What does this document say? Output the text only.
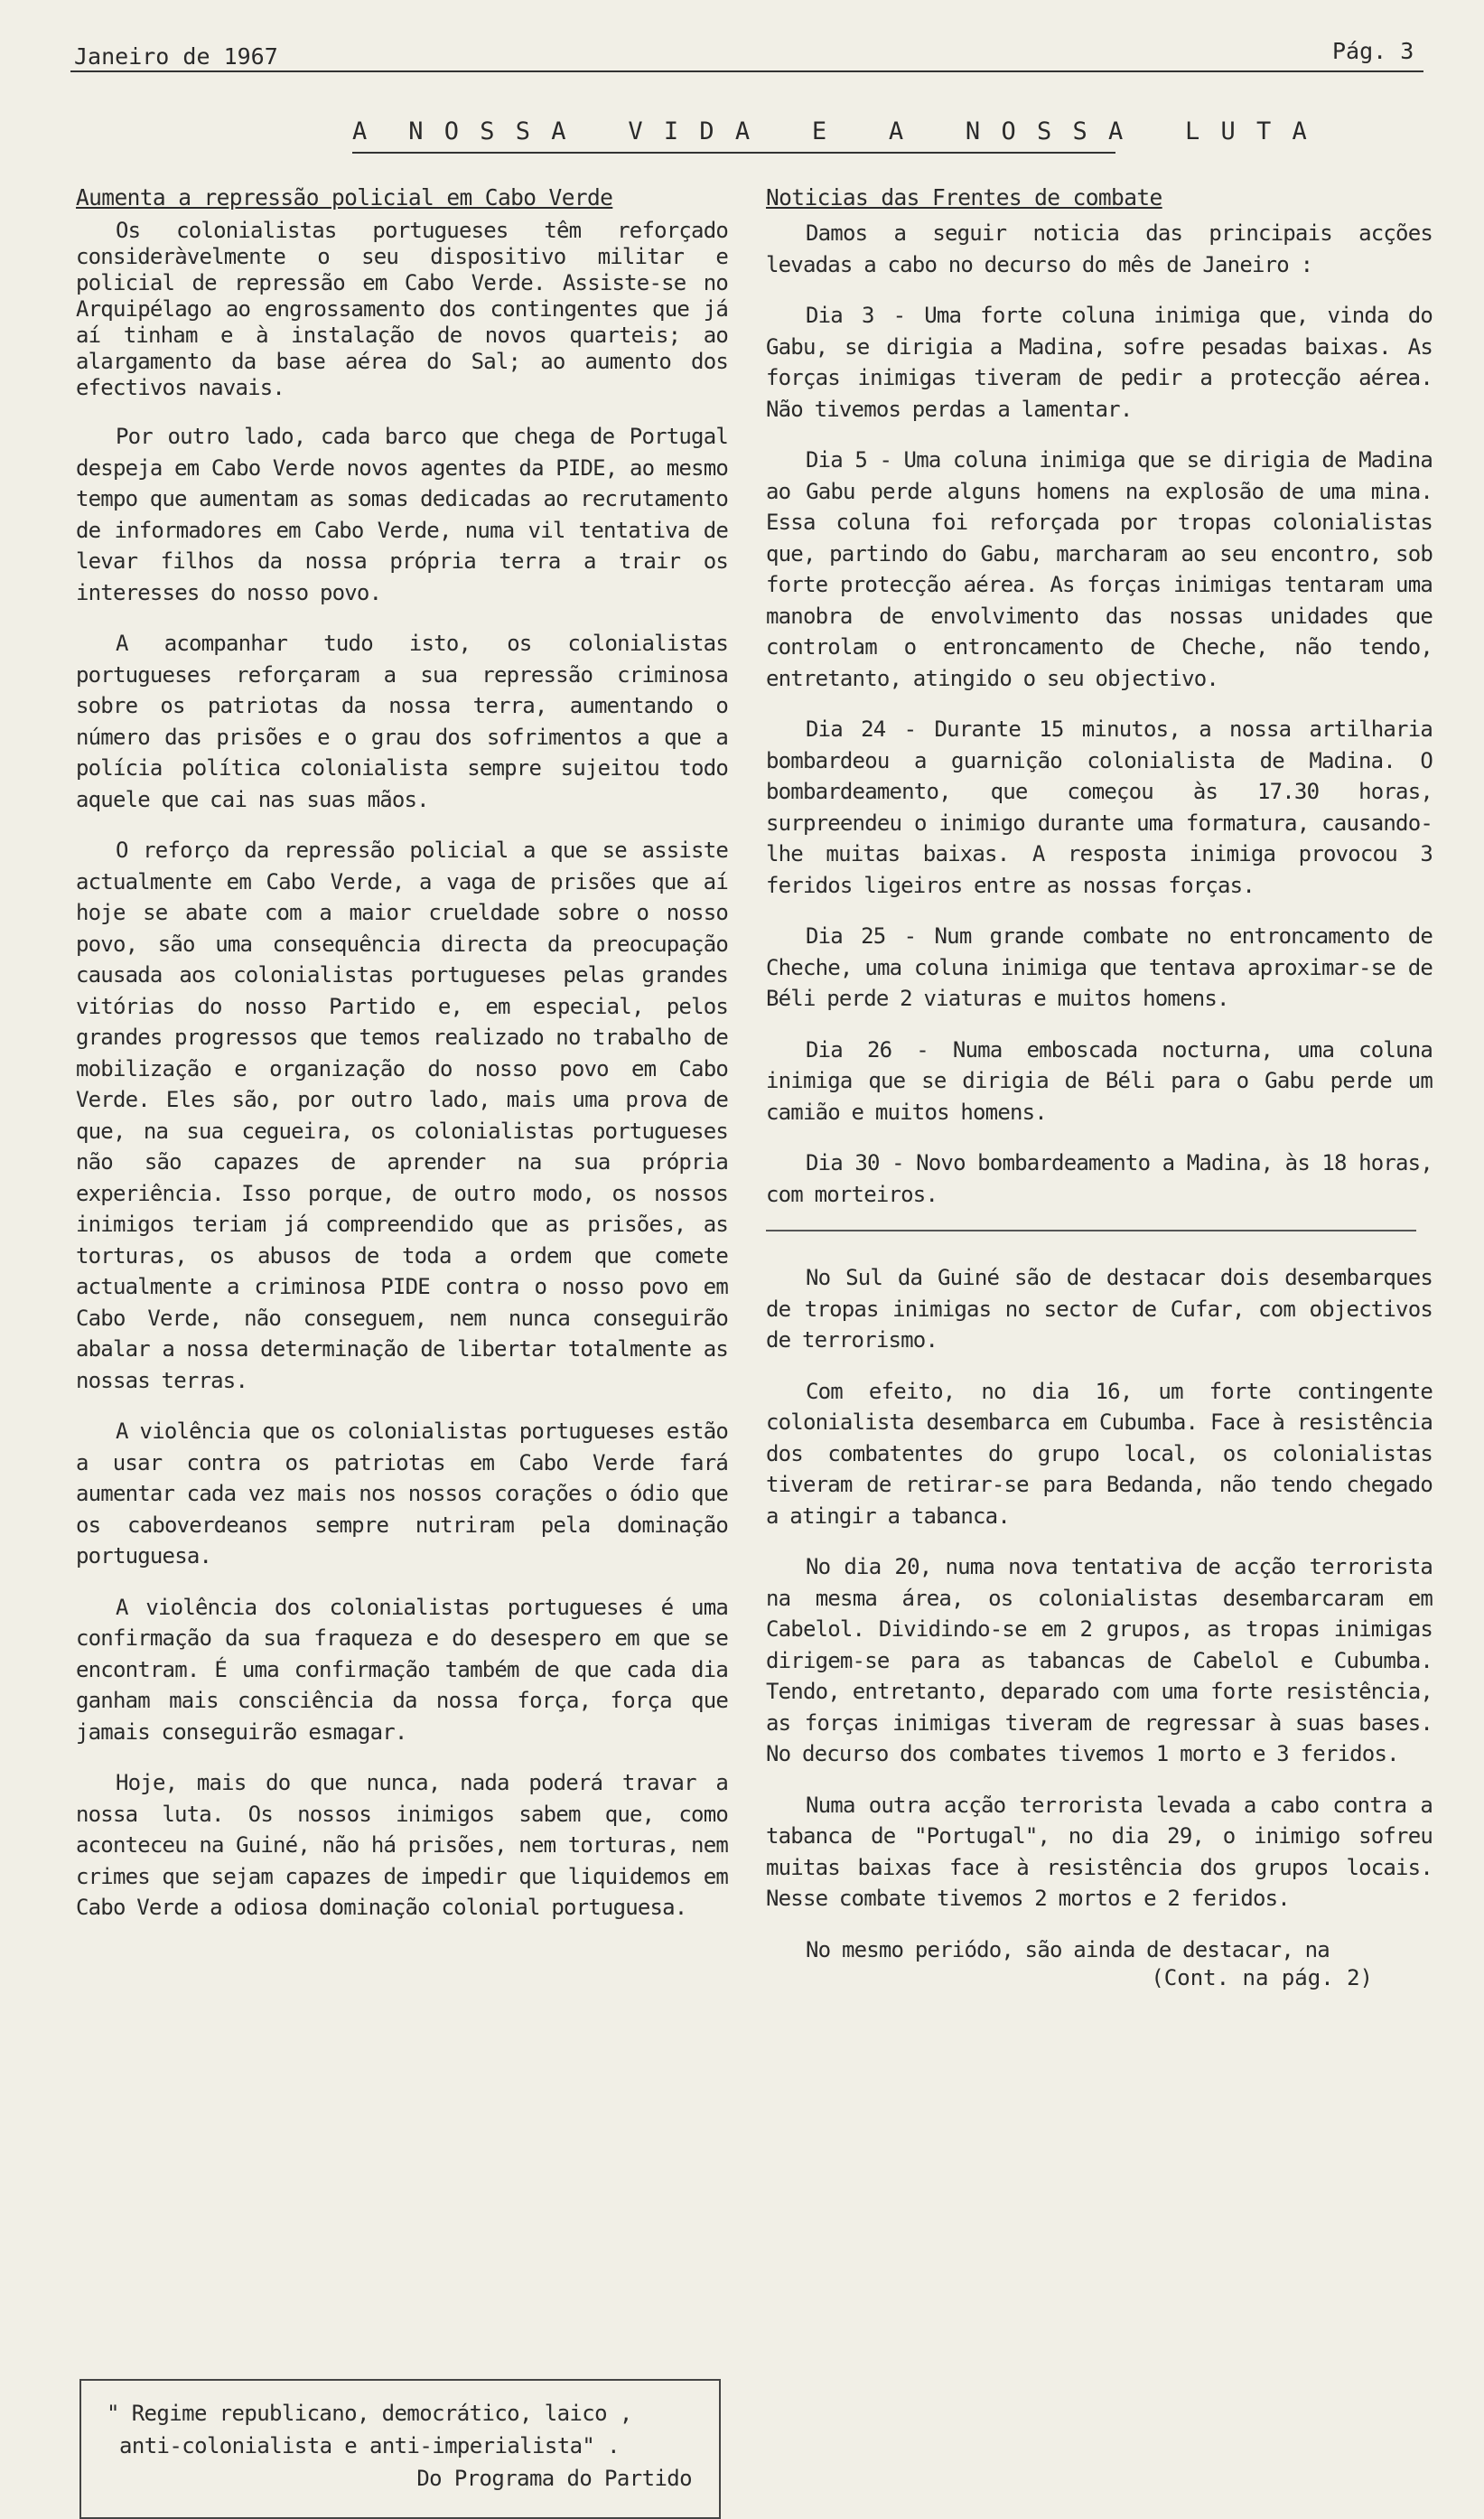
Janeiro de 1967	Pág. 3
A  N O S S A   V I D A   E   A   N O S S A   L U T A
Aumenta a repressão policial em Cabo Verde

Os colonialistas portugueses têm reforçado consideràvelmente o seu dispositivo militar e policial de repressão em Cabo Verde. Assiste-se no Arquipélago ao engrossamento dos contingentes que já aí tinham e à instalação de novos quarteis; ao alargamento da base aérea do Sal; ao aumento dos efectivos navais.

Por outro lado, cada barco que chega de Portugal despeja em Cabo Verde novos agentes da PIDE, ao mesmo tempo que aumentam as somas dedicadas ao recrutamento de informadores em Cabo Verde, numa vil tentativa de levar filhos da nossa própria terra a trair os interesses do nosso povo.

A acompanhar tudo isto, os colonialistas portugueses reforçaram a sua repressão criminosa sobre os patriotas da nossa terra, aumentando o número das prisões e o grau dos sofrimentos a que a polícia política colonialista sempre sujeitou todo aquele que cai nas suas mãos.

O reforço da repressão policial a que se assiste actualmente em Cabo Verde, a vaga de prisões que aí hoje se abate com a maior crueldade sobre o nosso povo, são uma consequência directa da preocupação causada aos colonialistas portugueses pelas grandes vitórias do nosso Partido e, em especial, pelos grandes progressos que temos realizado no trabalho de mobilização e organização do nosso povo em Cabo Verde. Eles são, por outro lado, mais uma prova de que, na sua cegueira, os colonialistas portugueses não são capazes de aprender na sua própria experiência. Isso porque, de outro modo, os nossos inimigos teriam já compreendido que as prisões, as torturas, os abusos de toda a ordem que comete actualmente a criminosa PIDE contra o nosso povo em Cabo Verde, não conseguem, nem nunca conseguirão abalar a nossa determinação de libertar totalmente as nossas terras.

A violência que os colonialistas portugueses estão a usar contra os patriotas em Cabo Verde fará aumentar cada vez mais nos nossos corações o ódio que os caboverdeanos sempre nutriram pela dominação portuguesa.

A violência dos colonialistas portugueses é uma confirmação da sua fraqueza e do desespero em que se encontram. É uma confirmação também de que cada dia ganham mais consciência da nossa força, força que jamais conseguirão esmagar.

Hoje, mais do que nunca, nada poderá travar a nossa luta. Os nossos inimigos sabem que, como aconteceu na Guiné, não há prisões, nem torturas, nem crimes que sejam capazes de impedir que liquidemos em Cabo Verde a odiosa dominação colonial portuguesa.

" Regime republicano, democrático, laico ,
anti-colonialista e anti-imperialista" .
Do Programa do Partido
Noticias das Frentes de combate

Damos a seguir noticia das principais acções levadas a cabo no decurso do mês de Janeiro :

Dia 3 - Uma forte coluna inimiga que, vinda do Gabu, se dirigia a Madina, sofre pesadas baixas. As forças inimigas tiveram de pedir a protecção aérea. Não tivemos perdas a lamentar.

Dia 5 - Uma coluna inimiga que se dirigia de Madina ao Gabu perde alguns homens na explosão de uma mina. Essa coluna foi reforçada por tropas colonialistas que, partindo do Gabu, marcharam ao seu encontro, sob forte protecção aérea. As forças inimigas tentaram uma manobra de envolvimento das nossas unidades que controlam o entroncamento de Cheche, não tendo, entretanto, atingido o seu objectivo.

Dia 24 - Durante 15 minutos, a nossa artilharia bombardeou a guarnição colonialista de Madina. O bombardeamento, que começou às 17.30 horas, surpreendeu o inimigo durante uma formatura, causando-lhe muitas baixas. A resposta inimiga provocou 3 feridos ligeiros entre as nossas forças.

Dia 25 - Num grande combate no entroncamento de Cheche, uma coluna inimiga que tentava aproximar-se de Béli perde 2 viaturas e muitos homens.

Dia 26 - Numa emboscada nocturna, uma coluna inimiga que se dirigia de Béli para o Gabu perde um camião e muitos homens.

Dia 30 - Novo bombardeamento a Madina, às 18 horas, com morteiros.

No Sul da Guiné são de destacar dois desembarques de tropas inimigas no sector de Cufar, com objectivos de terrorismo.

Com efeito, no dia 16, um forte contingente colonialista desembarca em Cubumba. Face à resistência dos combatentes do grupo local, os colonialistas tiveram de retirar-se para Bedanda, não tendo chegado a atingir a tabanca.

No dia 20, numa nova tentativa de acção terrorista na mesma área, os colonialistas desembarcaram em Cabelol. Dividindo-se em 2 grupos, as tropas inimigas dirigem-se para as tabancas de Cabelol e Cubumba. Tendo, entretanto, deparado com uma forte resistência, as forças inimigas tiveram de regressar à suas bases. No decurso dos combates tivemos 1 morto e 3 feridos.

Numa outra acção terrorista levada a cabo contra a tabanca de "Portugal", no dia 29, o inimigo sofreu muitas baixas face à resistência dos grupos locais. Nesse combate tivemos 2 mortos e 2 feridos.

No mesmo periódo, são ainda de destacar, na

(Cont. na pág. 2)
